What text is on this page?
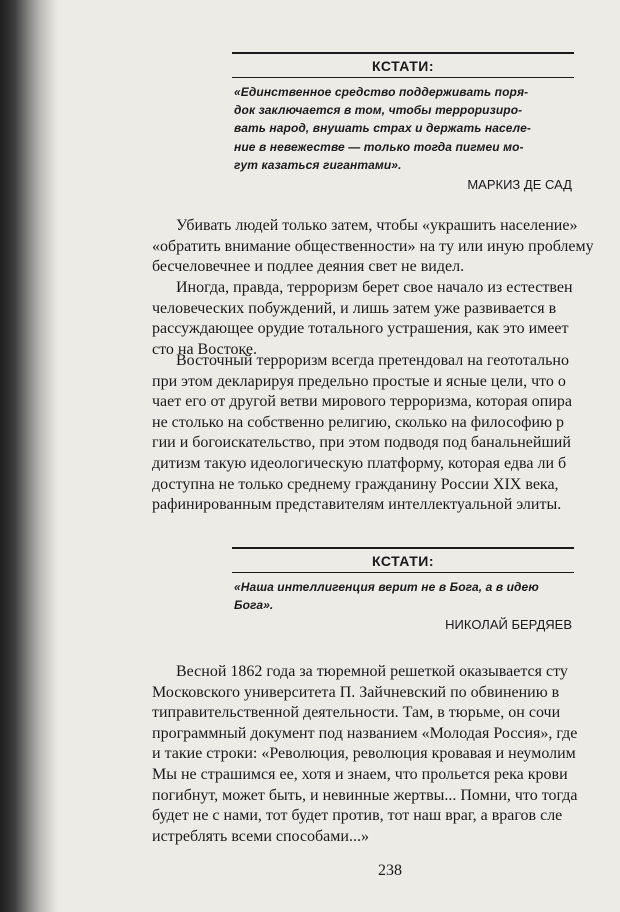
КСТАТИ:
«Единственное средство поддерживать поря-
док заключается в том, чтобы терроризиро-
вать народ, внушать страх и держать населе-
ние в невежестве — только тогда пигмеи мо-
гут казаться гигантами».
МАРКИЗ ДЕ САД
Убивать людей только затем, чтобы «украшить население»
«обратить внимание общественности» на ту или иную проблему
бесчеловечнее и подлее деяния свет не видел.
Иногда, правда, терроризм берет свое начало из естествен
человеческих побуждений, и лишь затем уже развивается в
рассуждающее орудие тотального устрашения, как это имеет
сто на Востоке.
Восточный терроризм всегда претендовал на геототально
при этом декларируя предельно простые и ясные цели, что о
чает его от другой ветви мирового терроризма, которая опира
не столько на собственно религию, сколько на философию р
гии и богоискательство, при этом подводя под банальнейший
дитизм такую идеологическую платформу, которая едва ли б
доступна не только среднему гражданину России XIX века,
рафинированным представителям интеллектуальной элиты.
КСТАТИ:
«Наша интеллигенция верит не в Бога, а в идею
Бога».
НИКОЛАЙ БЕРДЯЕВ
Весной 1862 года за тюремной решеткой оказывается сту
Московского университета П. Зайчневский по обвинению в
типравительственной деятельности. Там, в тюрьме, он сочи
программный документ под названием «Молодая Россия», где
и такие строки: «Революция, революция кровавая и неумолим
Мы не страшимся ее, хотя и знаем, что прольется река крови
погибнут, может быть, и невинные жертвы... Помни, что тогда
будет не с нами, тот будет против, тот наш враг, а врагов сле
истреблять всеми способами...»
238
